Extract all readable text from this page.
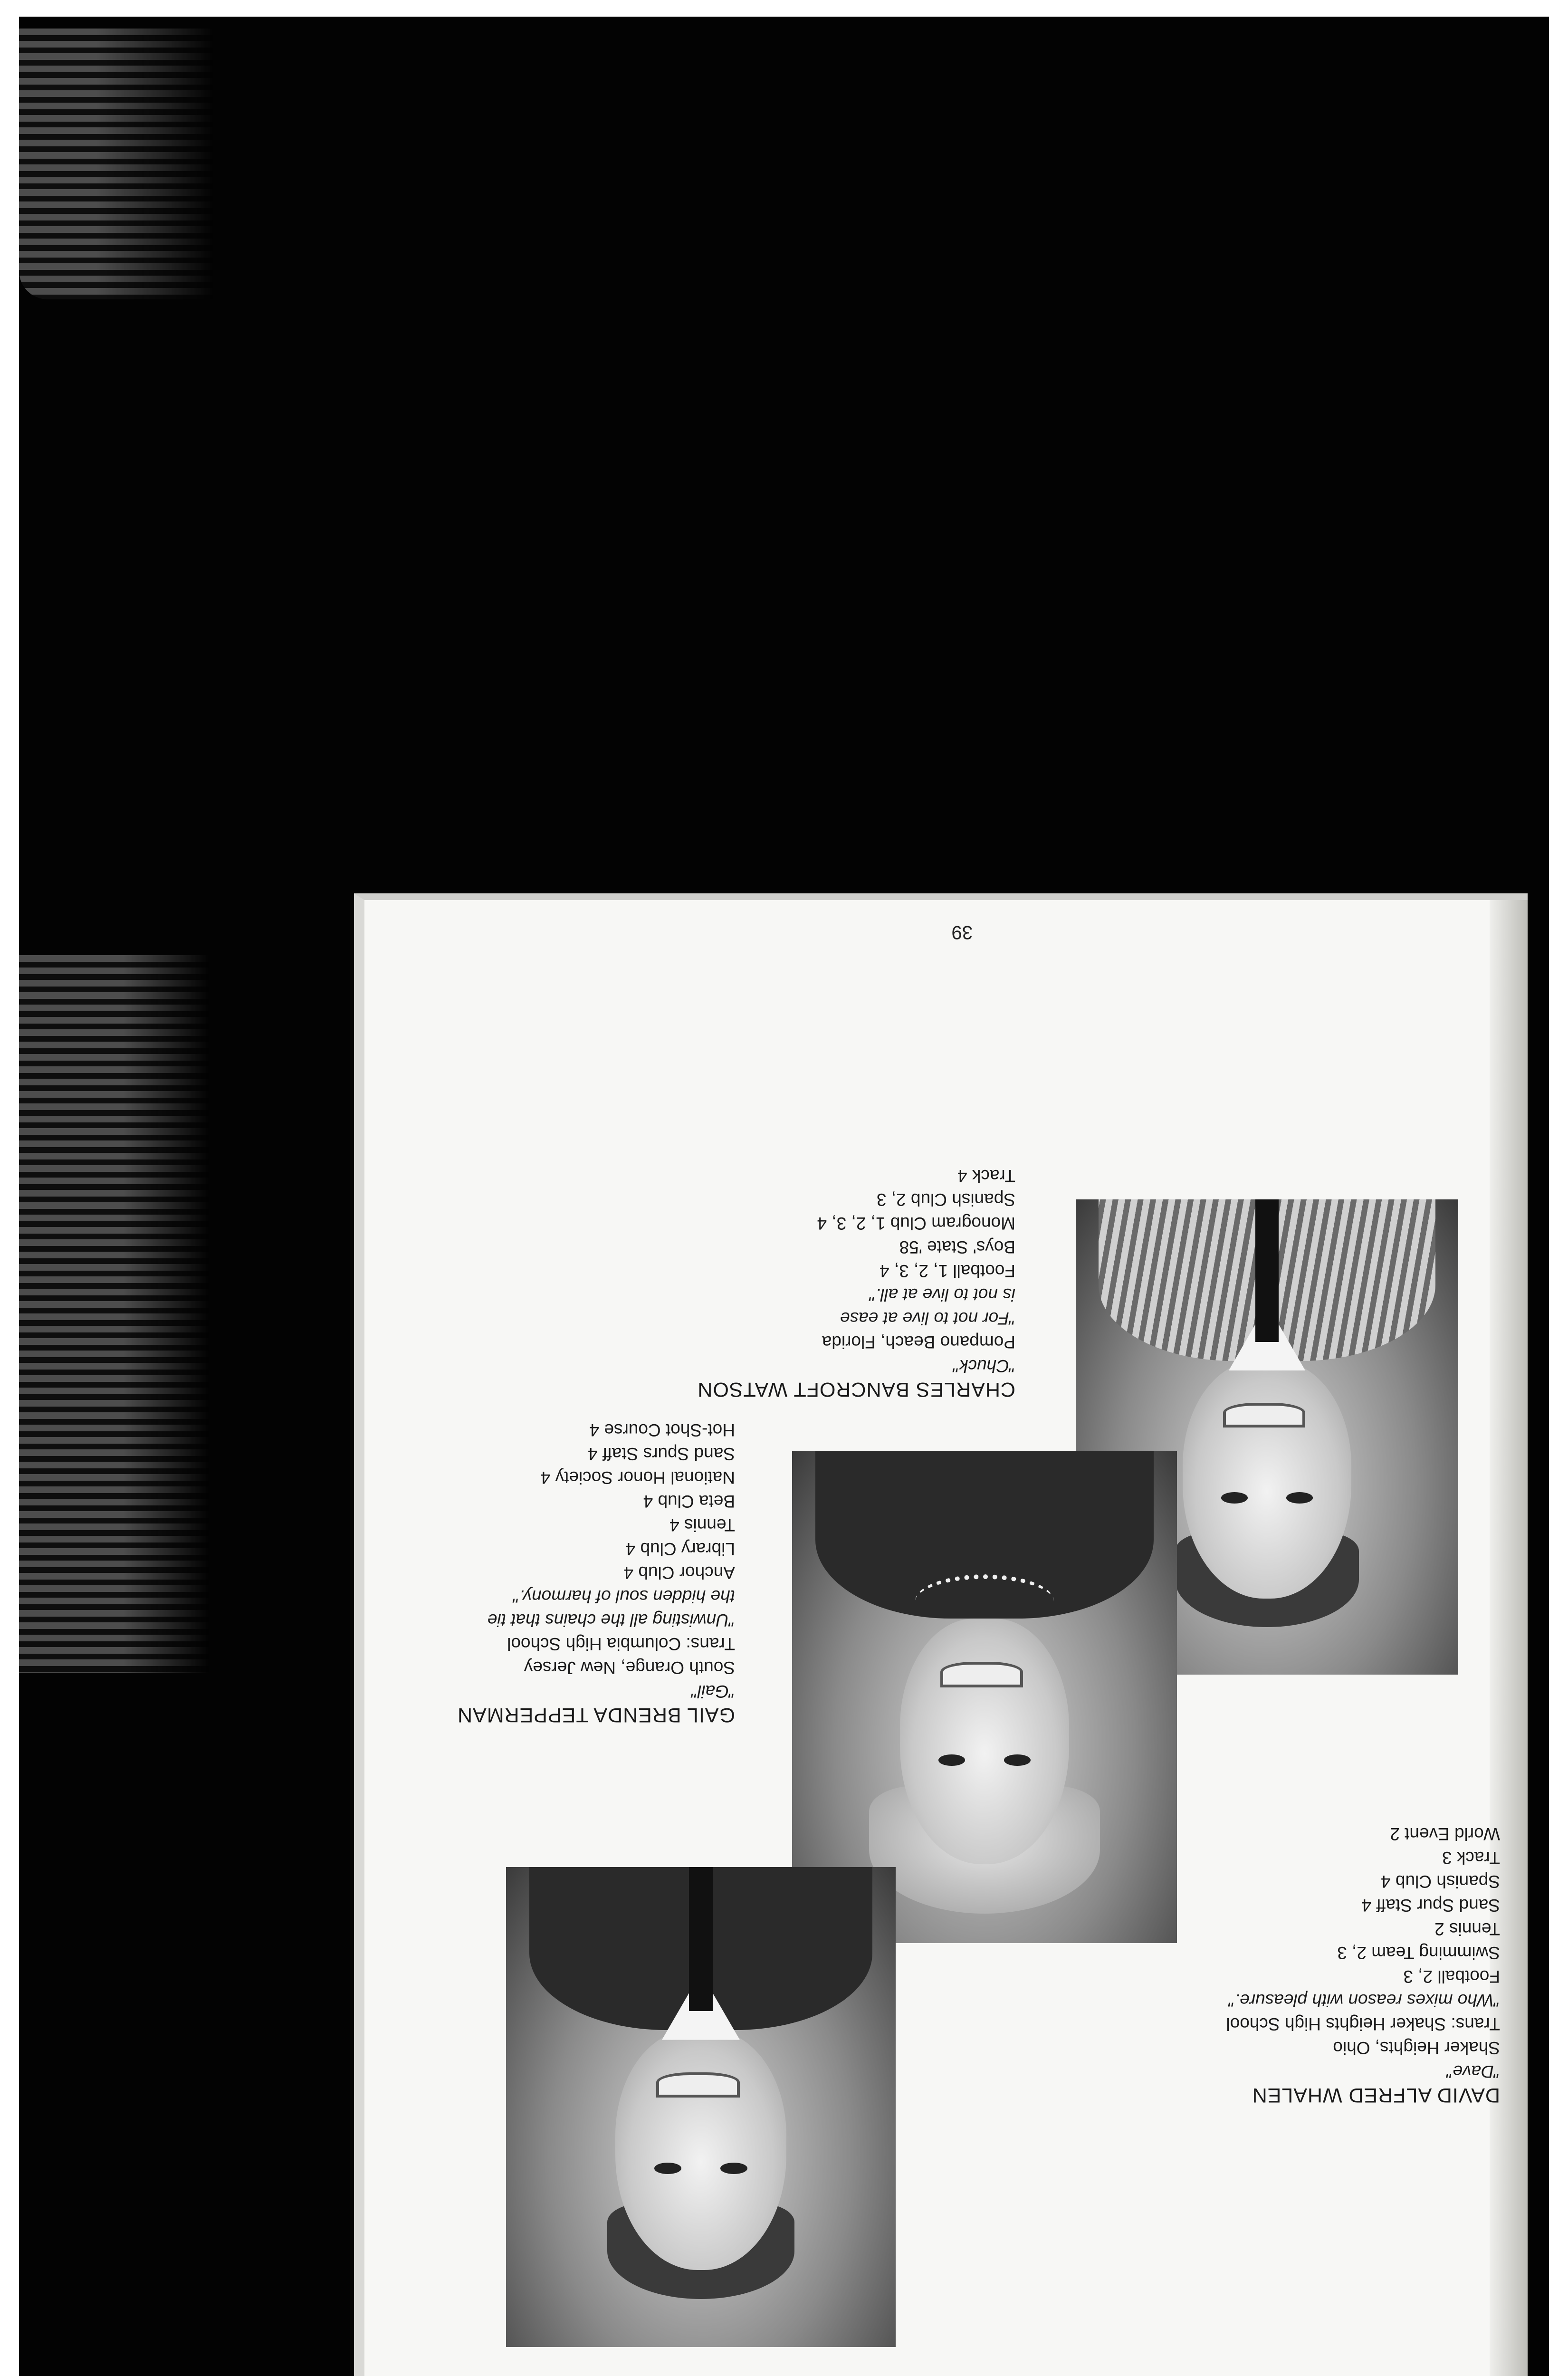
CHARLES BANCROFT WATSON
"Chuck"
Pompano Beach, Florida
"For not to live at ease
is not to live at all."
Football 1, 2, 3, 4
Boys' State '58
Monogram Club 1, 2, 3, 4
Spanish Club 2, 3
Track 4
GAIL BRENDA TEPPERMAN
"Gail"
South Orange, New Jersey
Trans: Columbia High School
"Unwisting all the chains that tie
the hidden soul of harmony."
Anchor Club 4
Library Club 4
Tennis 4
Beta Club 4
National Honor Society 4
Sand Spurs Staff 4
Hot-Shot Course 4
DAVID ALFRED WHALEN
"Dave"
Shaker Heights, Ohio
Trans: Shaker Heights High School
"Who mixes reason with pleasure."
Football 2, 3
Swimming Team 2, 3
Tennis 2
Sand Spur Staff 4
Spanish Club 4
Track 3
World Event 2
39
